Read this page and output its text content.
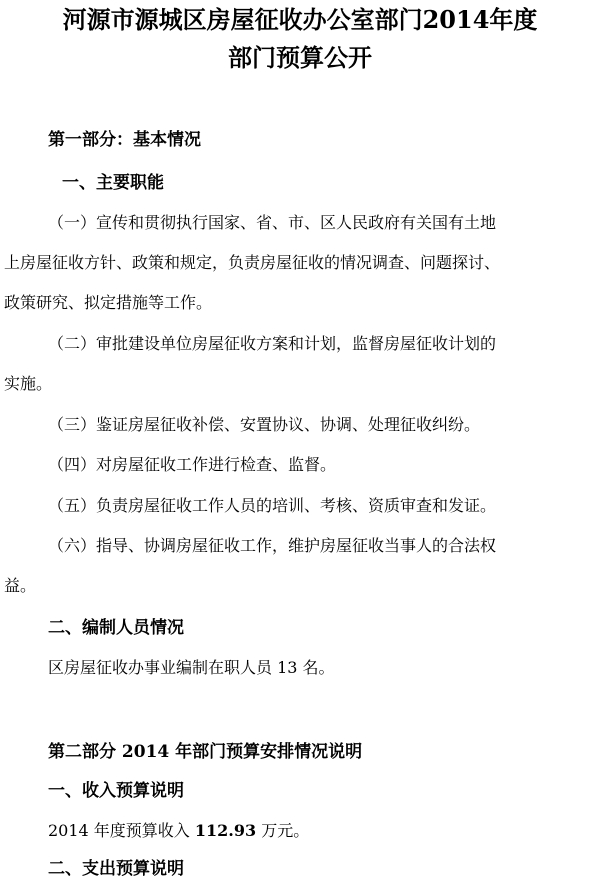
河源市源城区房屋征收办公室部门2014年度
部门预算公开
第一部分：基本情况
一、主要职能
（一）宣传和贯彻执行国家、省、市、区人民政府有关国有土地
上房屋征收方针、政策和规定，负责房屋征收的情况调查、问题探讨、
政策研究、拟定措施等工作。
（二）审批建设单位房屋征收方案和计划，监督房屋征收计划的
实施。
（三）鉴证房屋征收补偿、安置协议、协调、处理征收纠纷。
（四）对房屋征收工作进行检查、监督。
（五）负责房屋征收工作人员的培训、考核、资质审查和发证。
（六）指导、协调房屋征收工作，维护房屋征收当事人的合法权
益。
二、编制人员情况
区房屋征收办事业编制在职人员 13 名。
第二部分 2014 年部门预算安排情况说明
一、收入预算说明
2014 年度预算收入 112.93 万元。
二、支出预算说明
